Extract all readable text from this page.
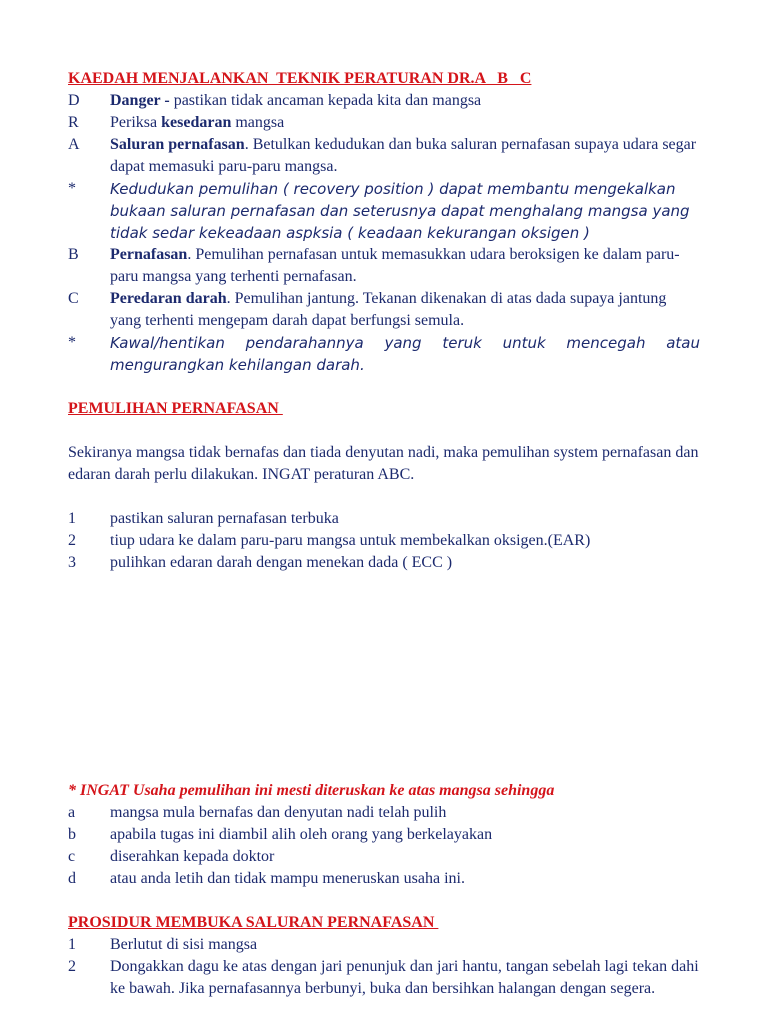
KAEDAH MENJALANKAN  TEKNIK PERATURAN DR.A   B   C

D	Danger - pastikan tidak ancaman kepada kita dan mangsa
R	Periksa kesedaran mangsa
A	Saluran pernafasan. Betulkan kedudukan dan buka saluran pernafasan supaya udara segar dapat memasuki paru-paru mangsa.
*	Kedudukan pemulihan ( recovery position ) dapat membantu mengekalkan bukaan saluran pernafasan dan seterusnya dapat menghalang mangsa yang tidak sedar kekeadaan aspksia ( keadaan kekurangan oksigen )
B	Pernafasan. Pemulihan pernafasan untuk memasukkan udara beroksigen ke dalam paru-paru mangsa yang terhenti pernafasan.
C	Peredaran darah. Pemulihan jantung. Tekanan dikenakan di atas dada supaya jantung yang terhenti mengepam darah dapat berfungsi semula.
*	Kawal/hentikan pendarahannya yang teruk untuk mencegah atau
mengurangkan kehilangan darah.

PEMULIHAN PERNAFASAN

Sekiranya mangsa tidak bernafas dan tiada denyutan nadi, maka pemulihan system pernafasan dan edaran darah perlu dilakukan. INGAT peraturan ABC.

1	pastikan saluran pernafasan terbuka
2	tiup udara ke dalam paru-paru mangsa untuk membekalkan oksigen.(EAR)
3	pulihkan edaran darah dengan menekan dada ( ECC )

* INGAT Usaha pemulihan ini mesti diteruskan ke atas mangsa sehingga

a	mangsa mula bernafas dan denyutan nadi telah pulih
b	apabila tugas ini diambil alih oleh orang yang berkelayakan
c	diserahkan kepada doktor
d	atau anda letih dan tidak mampu meneruskan usaha ini.

PROSIDUR MEMBUKA SALURAN PERNAFASAN

1	Berlutut di sisi mangsa
2	Dongakkan dagu ke atas dengan jari penunjuk dan jari hantu, tangan sebelah lagi tekan dahi ke bawah. Jika pernafasannya berbunyi, buka dan bersihkan halangan dengan segera.
